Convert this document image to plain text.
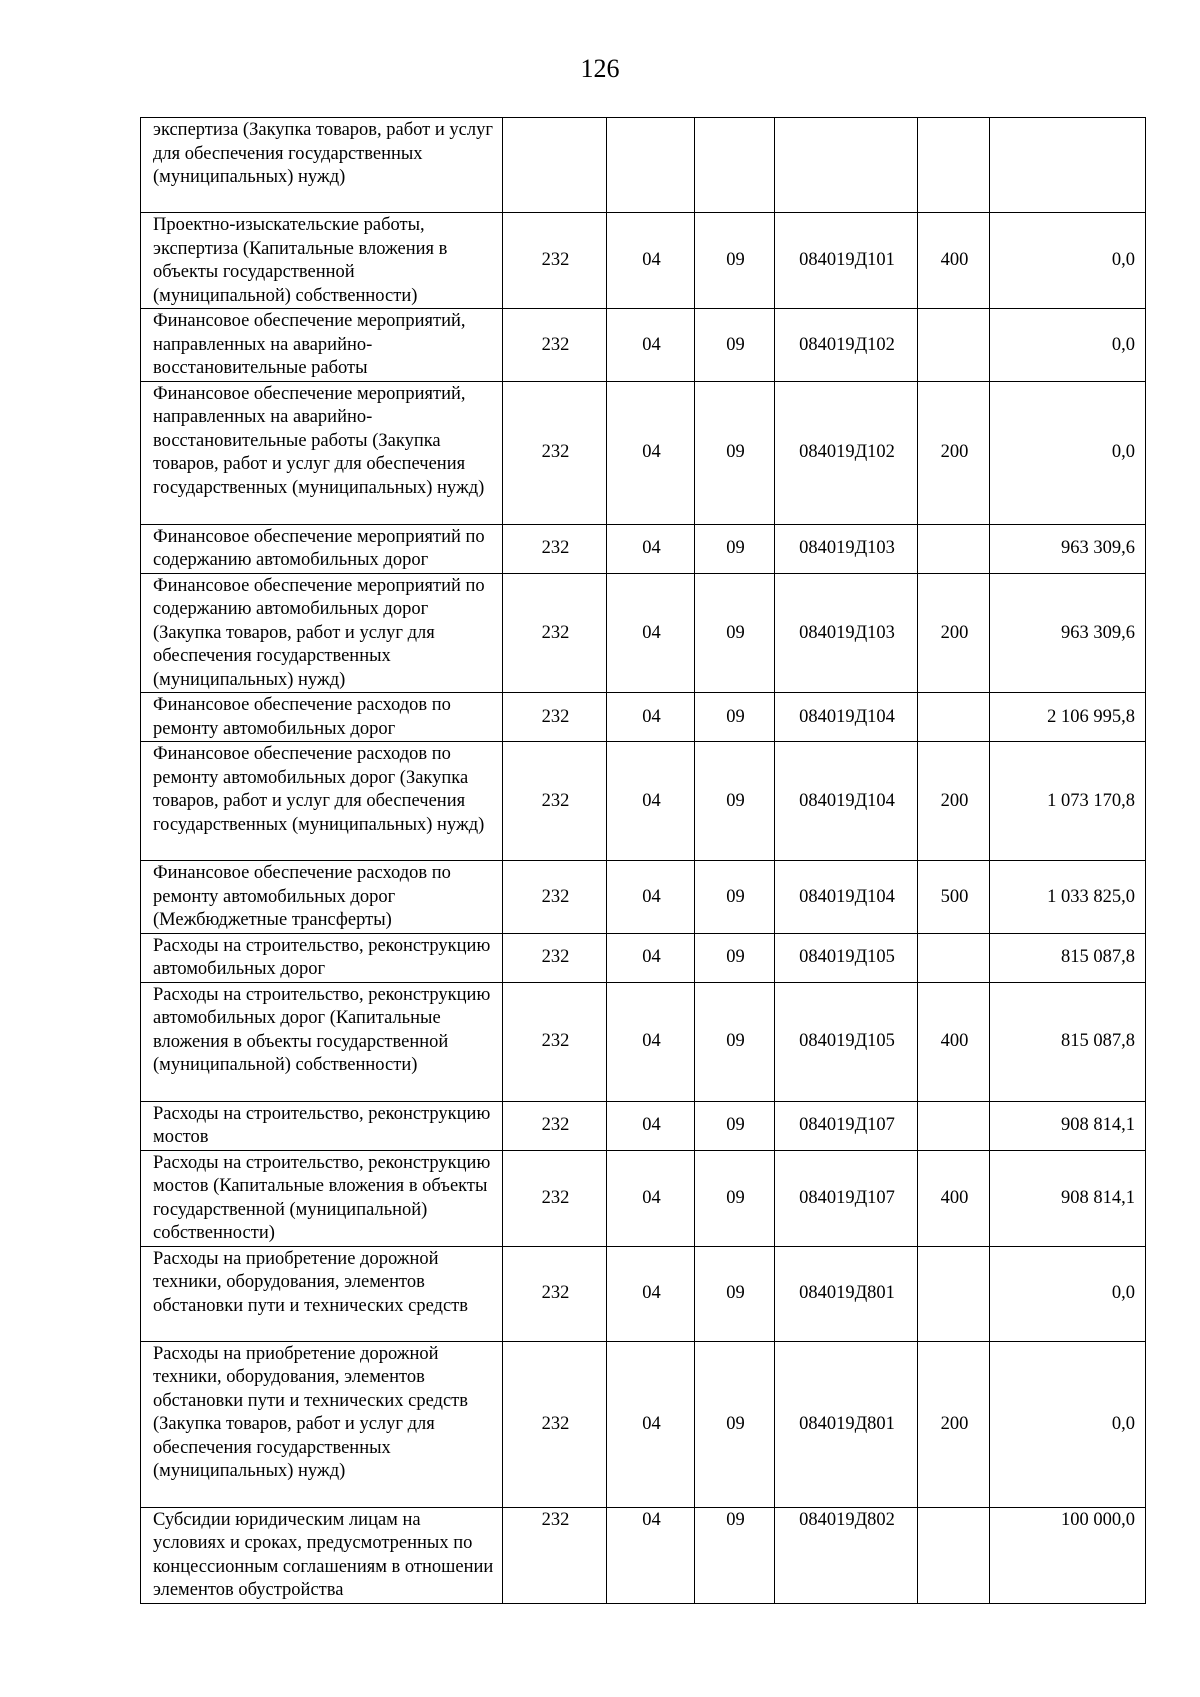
126
экспертиза (Закупка товаров, работ и услуг для обеспечения государственных (муниципальных) нужд)						
Проектно-изыскательские работы, экспертиза (Капитальные вложения в объекты государственной (муниципальной) собственности)	232	04	09	084019Д101	400	0,0
Финансовое обеспечение мероприятий, направленных на аварийно-восстановительные работы	232	04	09	084019Д102		0,0
Финансовое обеспечение мероприятий, направленных на аварийно-восстановительные работы (Закупка товаров, работ и услуг для обеспечения государственных (муниципальных) нужд)	232	04	09	084019Д102	200	0,0
Финансовое обеспечение мероприятий по содержанию автомобильных дорог	232	04	09	084019Д103		963 309,6
Финансовое обеспечение мероприятий по содержанию автомобильных дорог (Закупка товаров, работ и услуг для обеспечения государственных (муниципальных) нужд)	232	04	09	084019Д103	200	963 309,6
Финансовое обеспечение расходов по ремонту автомобильных дорог	232	04	09	084019Д104		2 106 995,8
Финансовое обеспечение расходов по ремонту автомобильных дорог (Закупка товаров, работ и услуг для обеспечения государственных (муниципальных) нужд)	232	04	09	084019Д104	200	1 073 170,8
Финансовое обеспечение расходов по ремонту автомобильных дорог (Межбюджетные трансферты)	232	04	09	084019Д104	500	1 033 825,0
Расходы на строительство, реконструкцию автомобильных дорог	232	04	09	084019Д105		815 087,8
Расходы на строительство, реконструкцию автомобильных дорог (Капитальные вложения в объекты государственной (муниципальной) собственности)	232	04	09	084019Д105	400	815 087,8
Расходы на строительство, реконструкцию мостов	232	04	09	084019Д107		908 814,1
Расходы на строительство, реконструкцию мостов (Капитальные вложения в объекты государственной (муниципальной) собственности)	232	04	09	084019Д107	400	908 814,1
Расходы на приобретение дорожной техники, оборудования, элементов обстановки пути и технических средств	232	04	09	084019Д801		0,0
Расходы на приобретение дорожной техники, оборудования, элементов обстановки пути и технических средств (Закупка товаров, работ и услуг для обеспечения государственных (муниципальных) нужд)	232	04	09	084019Д801	200	0,0
Субсидии юридическим лицам на условиях и сроках, предусмотренных по концессионным соглашениям в отношении элементов обустройства	232	04	09	084019Д802		100 000,0
